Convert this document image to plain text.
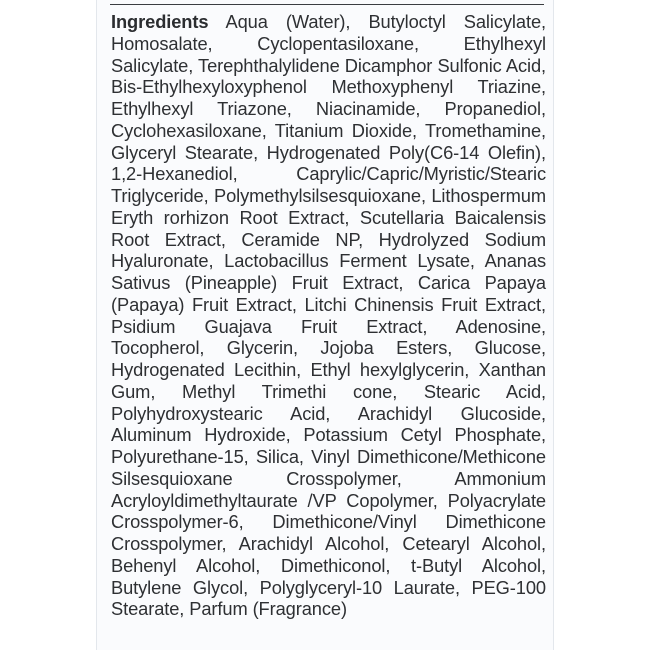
Ingredients Aqua (Water), Butyloctyl Salicylate, Homosalate, Cyclopentasiloxane, Ethylhexyl Salicylate, Terephthalylidene Dicamphor Sulfonic Acid, Bis-Ethylhexyloxyphenol Methoxyphenyl Triazine, Ethylhexyl Triazone, Niacinamide, Propanediol, Cyclohexasiloxane, Titanium Dioxide, Tromethamine, Glyceryl Stearate, Hydrogenated Poly(C6-14 Olefin), 1,2-Hexanediol, Caprylic/Capric/Myristic/Stearic Triglyceride, Polymethylsilsesquioxane, Lithospermum Eryth rorhizon Root Extract, Scutellaria Baicalensis Root Extract, Ceramide NP, Hydrolyzed Sodium Hyaluronate, Lactobacillus Ferment Lysate, Ananas Sativus (Pineapple) Fruit Extract, Carica Papaya (Papaya) Fruit Extract, Litchi Chinensis Fruit Extract, Psidium Guajava Fruit Extract, Adenosine, Tocopherol, Glycerin, Jojoba Esters, Glucose, Hydrogenated Lecithin, Ethyl hexylglycerin, Xanthan Gum, Methyl Trimethi cone, Stearic Acid, Polyhydroxystearic Acid, Arachidyl Glucoside, Aluminum Hydroxide, Potassium Cetyl Phosphate, Polyurethane-15, Silica, Vinyl Dimethicone/Methicone Silsesquioxane Crosspolymer, Ammonium Acryloyldimethyltaurate /VP Copolymer, Polyacrylate Crosspolymer-6, Dimethicone/Vinyl Dimethicone Crosspolymer, Arachidyl Alcohol, Cetearyl Alcohol, Behenyl Alcohol, Dimethiconol, t-Butyl Alcohol, Butylene Glycol, Polyglyceryl-10 Laurate, PEG-100 Stearate, Parfum (Fragrance)
